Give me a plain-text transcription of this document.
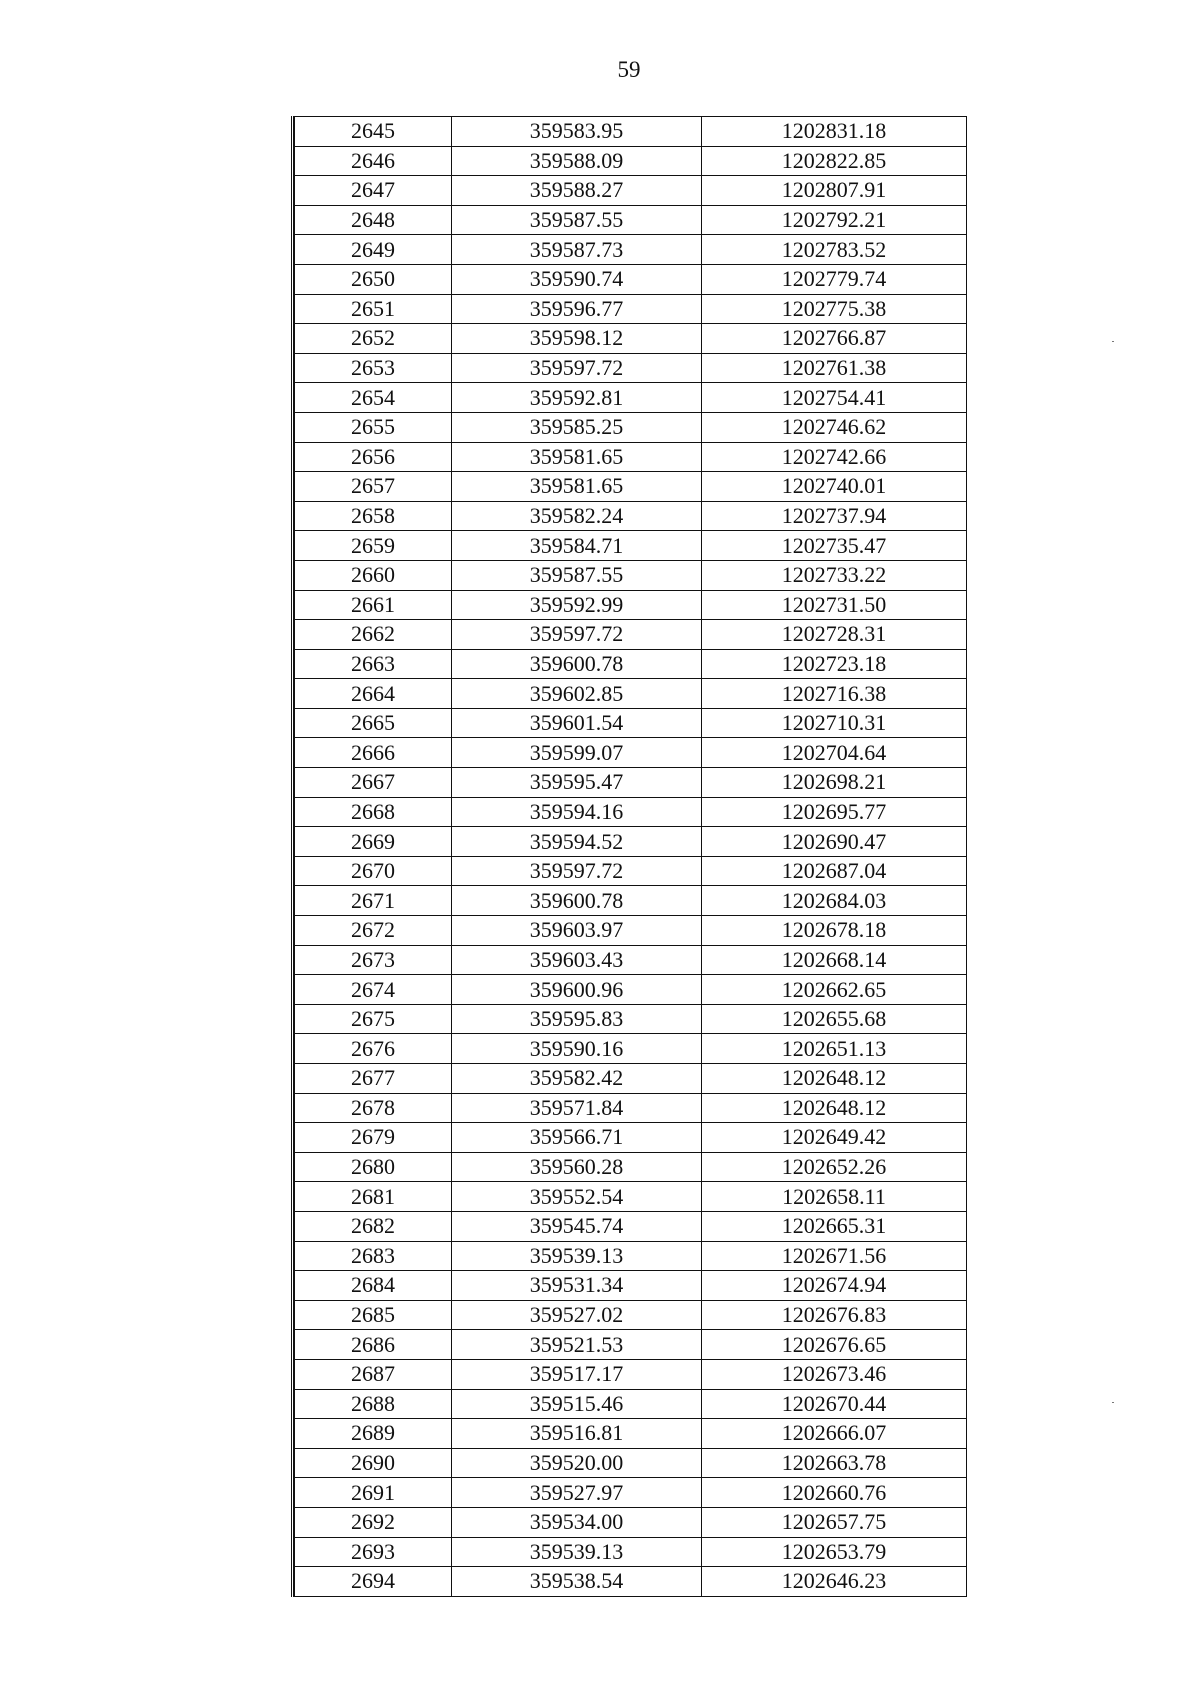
59
2645	359583.95	1202831.18
2646	359588.09	1202822.85
2647	359588.27	1202807.91
2648	359587.55	1202792.21
2649	359587.73	1202783.52
2650	359590.74	1202779.74
2651	359596.77	1202775.38
2652	359598.12	1202766.87
2653	359597.72	1202761.38
2654	359592.81	1202754.41
2655	359585.25	1202746.62
2656	359581.65	1202742.66
2657	359581.65	1202740.01
2658	359582.24	1202737.94
2659	359584.71	1202735.47
2660	359587.55	1202733.22
2661	359592.99	1202731.50
2662	359597.72	1202728.31
2663	359600.78	1202723.18
2664	359602.85	1202716.38
2665	359601.54	1202710.31
2666	359599.07	1202704.64
2667	359595.47	1202698.21
2668	359594.16	1202695.77
2669	359594.52	1202690.47
2670	359597.72	1202687.04
2671	359600.78	1202684.03
2672	359603.97	1202678.18
2673	359603.43	1202668.14
2674	359600.96	1202662.65
2675	359595.83	1202655.68
2676	359590.16	1202651.13
2677	359582.42	1202648.12
2678	359571.84	1202648.12
2679	359566.71	1202649.42
2680	359560.28	1202652.26
2681	359552.54	1202658.11
2682	359545.74	1202665.31
2683	359539.13	1202671.56
2684	359531.34	1202674.94
2685	359527.02	1202676.83
2686	359521.53	1202676.65
2687	359517.17	1202673.46
2688	359515.46	1202670.44
2689	359516.81	1202666.07
2690	359520.00	1202663.78
2691	359527.97	1202660.76
2692	359534.00	1202657.75
2693	359539.13	1202653.79
2694	359538.54	1202646.23
